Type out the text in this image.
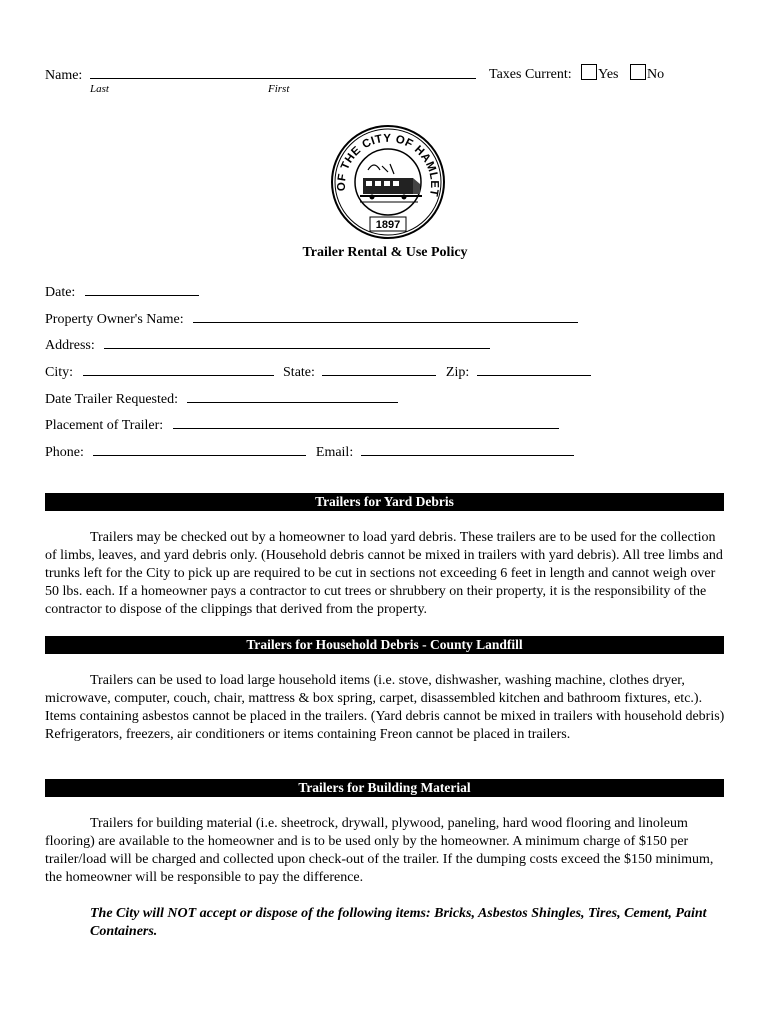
Name:
Last	First
Taxes Current: Yes No
OF THE CITY OF HAMLET
1897
Trailer Rental & Use Policy
Date:
Property Owner's Name:
Address:
City:	State:	Zip:
Date Trailer Requested:
Placement of Trailer:
Phone:	Email:
Trailers for Yard Debris
Trailers may be checked out by a homeowner to load yard debris. These trailers are to be used for the collection of limbs, leaves, and yard debris only. (Household debris cannot be mixed in trailers with yard debris). All tree limbs and trunks left for the City to pick up are required to be cut in sections not exceeding 6 feet in length and cannot weigh over 50 lbs. each. If a homeowner pays a contractor to cut trees or shrubbery on their property, it is the responsibility of the contractor to dispose of the clippings that derived from the property.
Trailers for Household Debris - County Landfill
Trailers can be used to load large household items (i.e. stove, dishwasher, washing machine, clothes dryer, microwave, computer, couch, chair, mattress & box spring, carpet, disassembled kitchen and bathroom fixtures, etc.). Items containing asbestos cannot be placed in the trailers. (Yard debris cannot be mixed in trailers with household debris) Refrigerators, freezers, air conditioners or items containing Freon cannot be placed in trailers.
Trailers for Building Material
Trailers for building material (i.e. sheetrock, drywall, plywood, paneling, hard wood flooring and linoleum flooring) are available to the homeowner and is to be used only by the homeowner. A minimum charge of $150 per trailer/load will be charged and collected upon check-out of the trailer. If the dumping costs exceed the $150 minimum, the homeowner will be responsible to pay the difference.
The City will NOT accept or dispose of the following items: Bricks, Asbestos Shingles, Tires, Cement, Paint Containers.
